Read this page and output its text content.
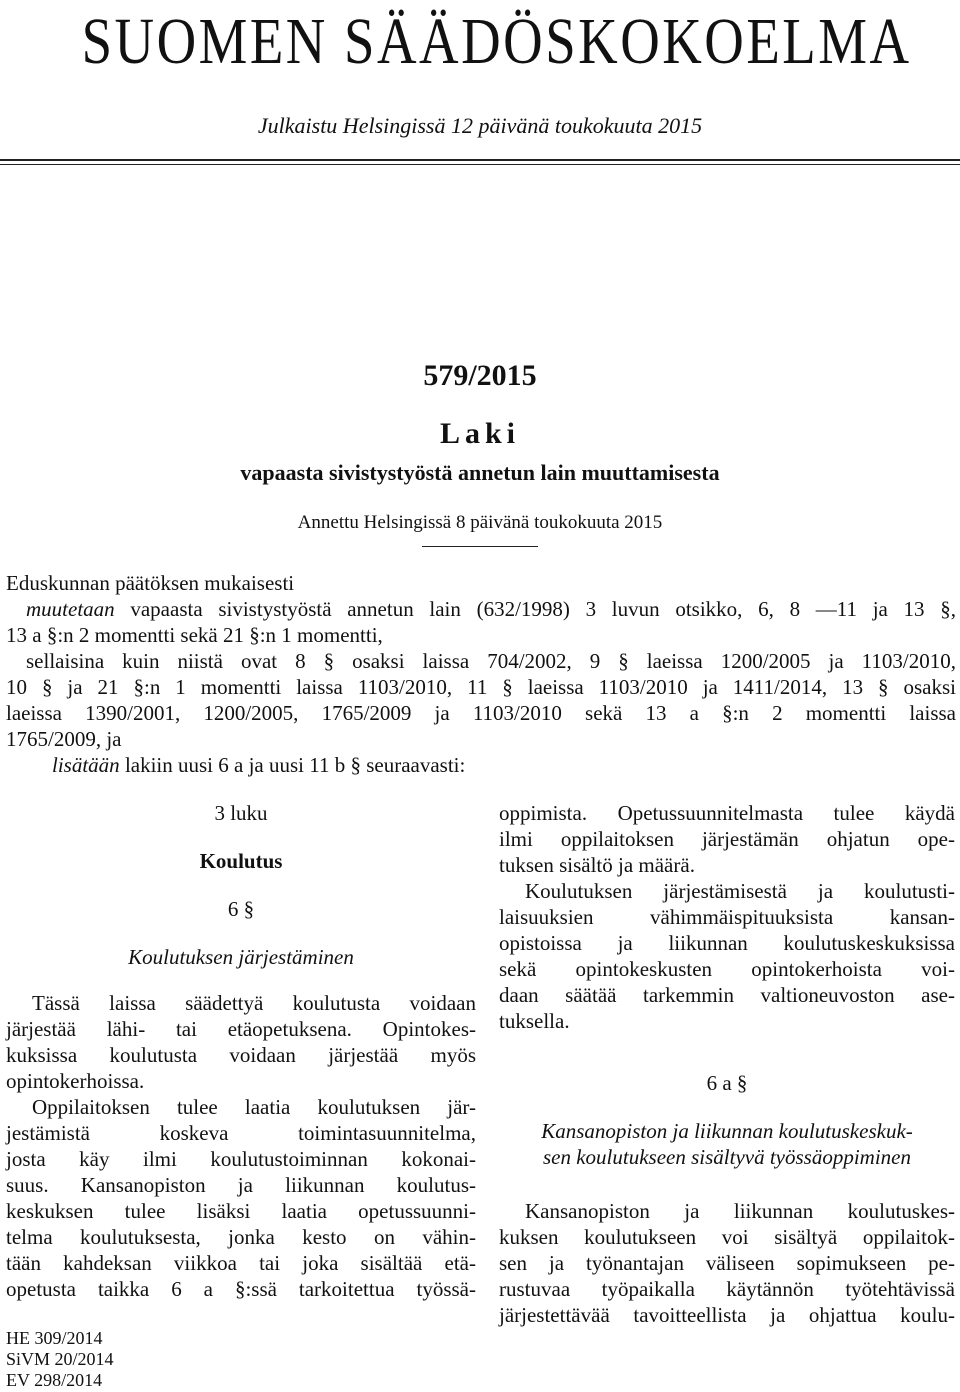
SUOMEN SÄÄDÖSKOKOELMA
Julkaistu Helsingissä 12 päivänä toukokuuta 2015
579/2015
Laki
vapaasta sivistystyöstä annetun lain muuttamisesta
Annettu Helsingissä 8 päivänä toukokuuta 2015

Eduskunnan päätöksen mukaisesti

muutetaan vapaasta sivistystyöstä annetun lain (632/1998) 3 luvun otsikko, 6, 8 —11 ja 13 §,

13 a §:n 2 momentti sekä 21 §:n 1 momentti,

sellaisina kuin niistä ovat 8 § osaksi laissa 704/2002, 9 § laeissa 1200/2005 ja 1103/2010,

10 § ja 21 §:n 1 momentti laissa 1103/2010, 11 § laeissa 1103/2010 ja 1411/2014, 13 § osaksi

laeissa 1390/2001, 1200/2005, 1765/2009 ja 1103/2010 sekä 13 a §:n 2 momentti laissa

1765/2009, ja

lisätään lakiin uusi 6 a ja uusi 11 b § seuraavasti:

3 luku
Koulutus
6 §
Koulutuksen järjestäminen
Tässä laissa säädettyä koulutusta voidaan
järjestää lähi- tai etäopetuksena. Opintokes-
kuksissa koulutusta voidaan järjestää myös
opintokerhoissa.
Oppilaitoksen tulee laatia koulutuksen jär-
jestämistä koskeva toimintasuunnitelma,
josta käy ilmi koulutustoiminnan kokonai-
suus. Kansanopiston ja liikunnan koulutus-
keskuksen tulee lisäksi laatia opetussuunni-
telma koulutuksesta, jonka kesto on vähin-
tään kahdeksan viikkoa tai joka sisältää etä-
opetusta taikka 6 a §:ssä tarkoitettua työssä-
oppimista. Opetussuunnitelmasta tulee käydä
ilmi oppilaitoksen järjestämän ohjatun ope-
tuksen sisältö ja määrä.
Koulutuksen järjestämisestä ja koulutusti-
laisuuksien vähimmäispituuksista kansan-
opistoissa ja liikunnan koulutuskeskuksissa
sekä opintokeskusten opintokerhoista voi-
daan säätää tarkemmin valtioneuvoston ase-
tuksella.
6 a §
Kansanopiston ja liikunnan koulutuskeskuk-
sen koulutukseen sisältyvä työssäoppiminen
Kansanopiston ja liikunnan koulutuskes-
kuksen koulutukseen voi sisältyä oppilaitok-
sen ja työnantajan väliseen sopimukseen pe-
rustuvaa työpaikalla käytännön työtehtävissä
järjestettävää tavoitteellista ja ohjattua koulu-
HE 309/2014
SiVM 20/2014
EV 298/2014
